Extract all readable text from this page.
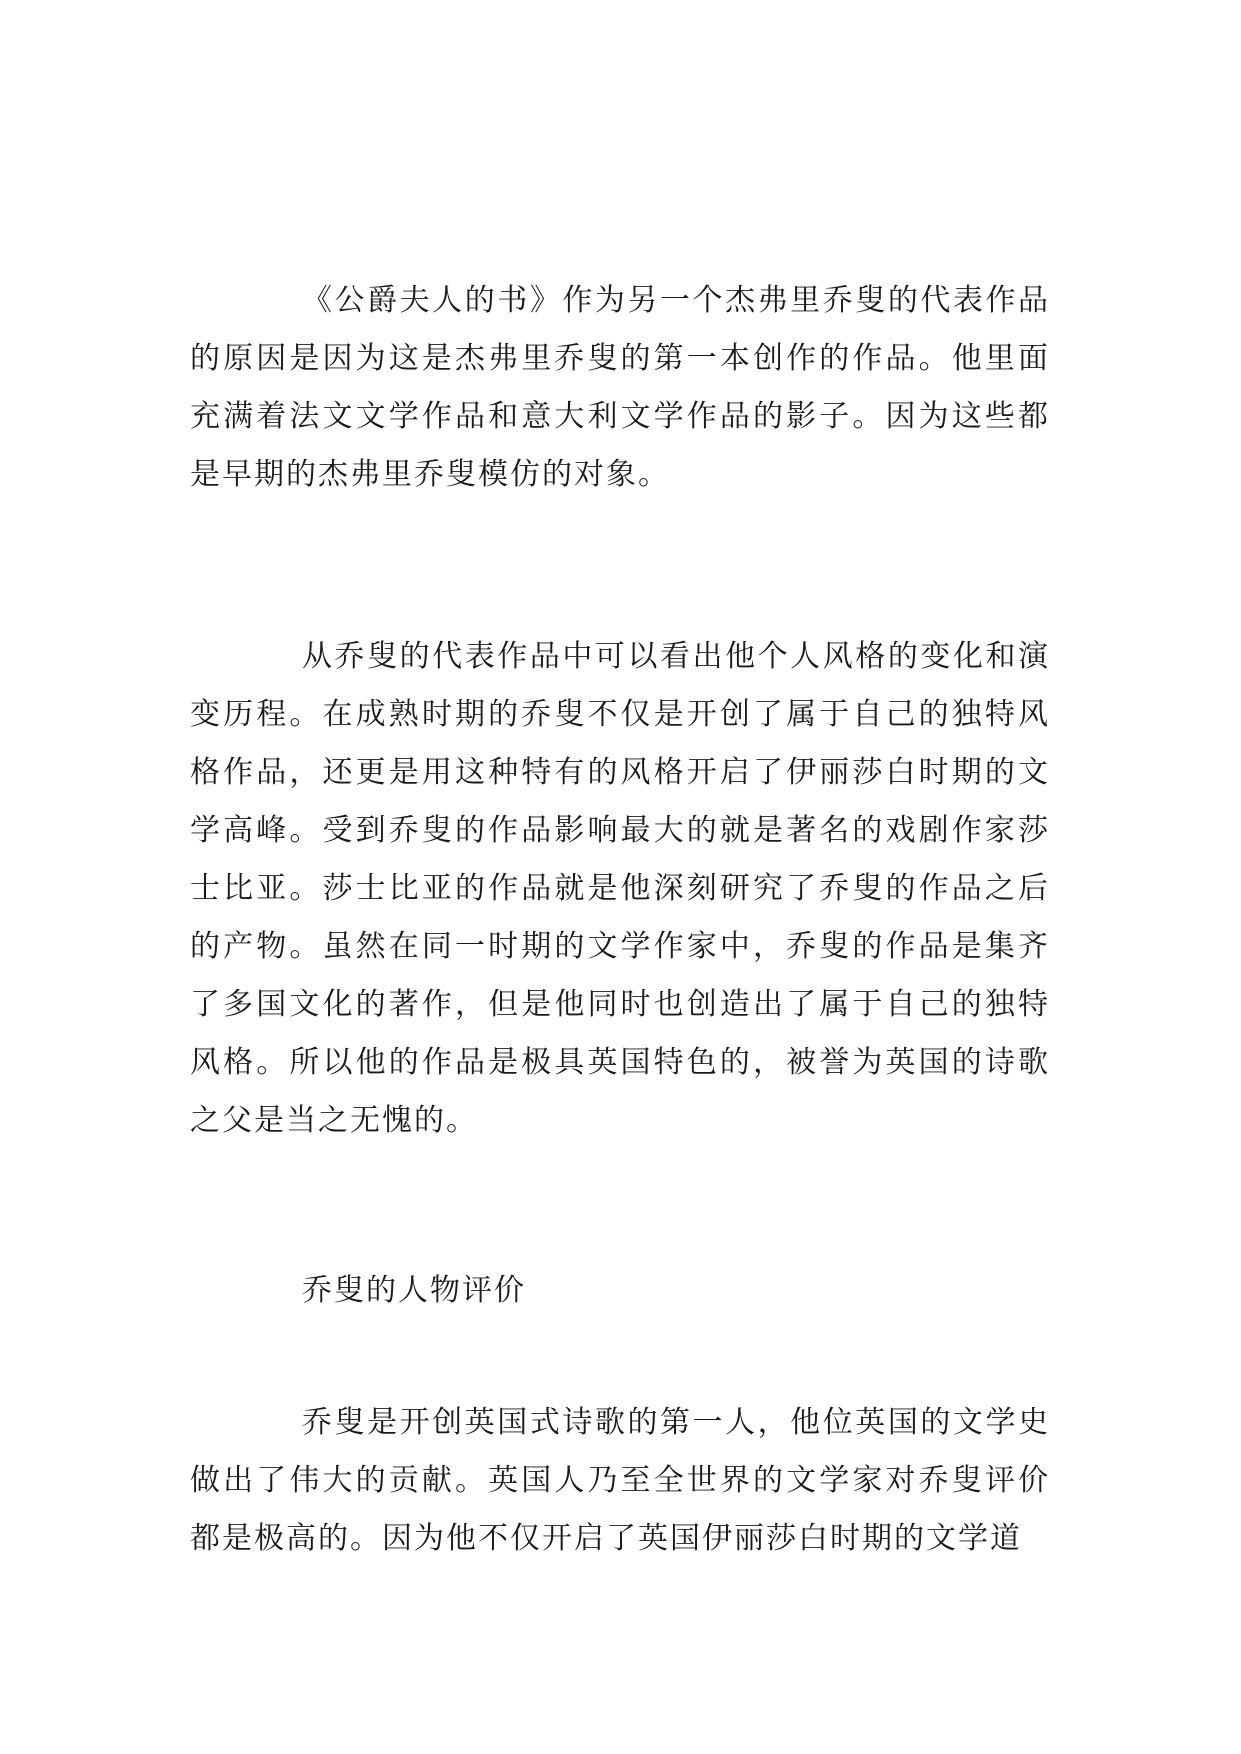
《公爵夫人的书》作为另一个杰弗里乔叟的代表作品的原因是因为这是杰弗里乔叟的第一本创作的作品。他里面充满着法文文学作品和意大利文学作品的影子。因为这些都是早期的杰弗里乔叟模仿的对象。

从乔叟的代表作品中可以看出他个人风格的变化和演变历程。在成熟时期的乔叟不仅是开创了属于自己的独特风格作品，还更是用这种特有的风格开启了伊丽莎白时期的文学高峰。受到乔叟的作品影响最大的就是著名的戏剧作家莎士比亚。莎士比亚的作品就是他深刻研究了乔叟的作品之后的产物。虽然在同一时期的文学作家中，乔叟的作品是集齐了多国文化的著作，但是他同时也创造出了属于自己的独特风格。所以他的作品是极具英国特色的，被誉为英国的诗歌之父是当之无愧的。

乔叟的人物评价

乔叟是开创英国式诗歌的第一人，他位英国的文学史做出了伟大的贡献。英国人乃至全世界的文学家对乔叟评价都是极高的。因为他不仅开启了英国伊丽莎白时期的文学道
